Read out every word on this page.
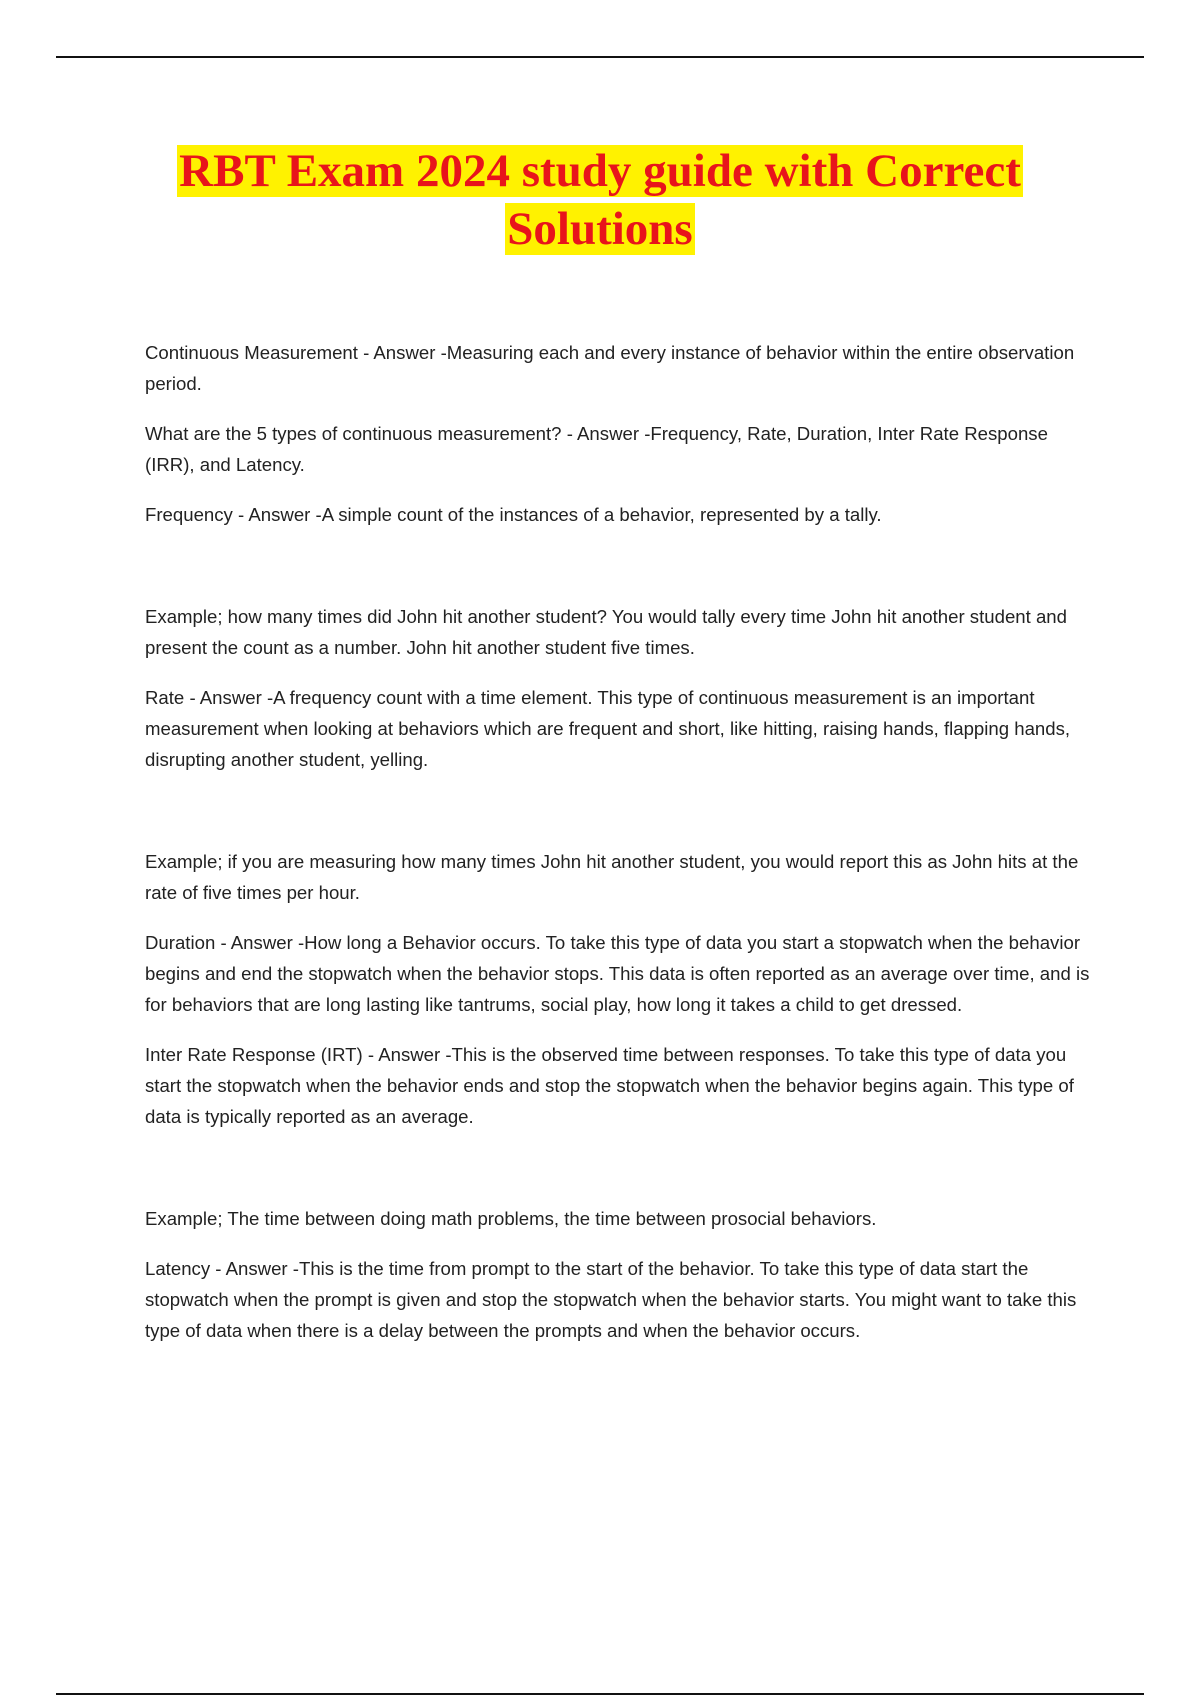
RBT Exam 2024 study guide with Correct
Solutions

Continuous Measurement - Answer -Measuring each and every instance of behavior within the entire observation period.

What are the 5 types of continuous measurement? - Answer -Frequency, Rate, Duration, Inter Rate Response (IRR), and Latency.

Frequency - Answer -A simple count of the instances of a behavior, represented by a tally.

Example; how many times did John hit another student? You would tally every time John hit another student and present the count as a number. John hit another student five times.

Rate - Answer -A frequency count with a time element. This type of continuous measurement is an important measurement when looking at behaviors which are frequent and short, like hitting, raising hands, flapping hands, disrupting another student, yelling.

Example; if you are measuring how many times John hit another student, you would report this as John hits at the rate of five times per hour.

Duration - Answer -How long a Behavior occurs. To take this type of data you start a stopwatch when the behavior begins and end the stopwatch when the behavior stops. This data is often reported as an average over time, and is for behaviors that are long lasting like tantrums, social play, how long it takes a child to get dressed.

Inter Rate Response (IRT) - Answer -This is the observed time between responses. To take this type of data you start the stopwatch when the behavior ends and stop the stopwatch when the behavior begins again. This type of data is typically reported as an average.

Example; The time between doing math problems, the time between prosocial behaviors.

Latency - Answer -This is the time from prompt to the start of the behavior. To take this type of data start the stopwatch when the prompt is given and stop the stopwatch when the behavior starts. You might want to take this type of data when there is a delay between the prompts and when the behavior occurs.
